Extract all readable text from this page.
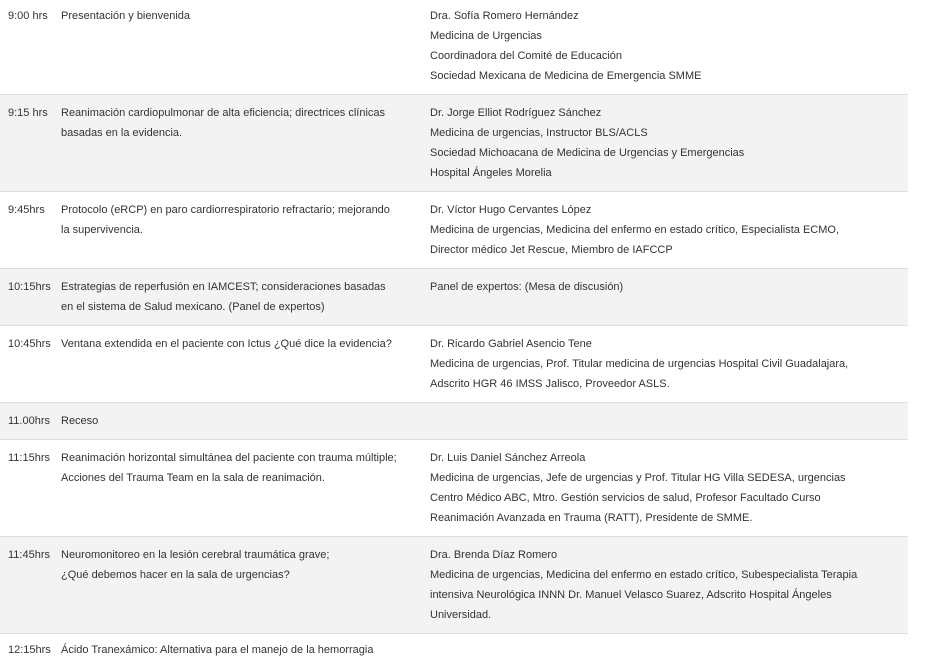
9:00 hrs	Presentación y bienvenida	Dra. Sofía Romero Hernández
Medicina de Urgencias
Coordinadora del Comité de Educación
Sociedad Mexicana de Medicina de Emergencia SMME

9:15 hrs	Reanimación cardiopulmonar de alta eficiencia; directrices clínicas
basadas en la evidencia.	Dr. Jorge Elliot Rodríguez Sánchez
Medicina de urgencias, Instructor BLS/ACLS
Sociedad Michoacana de Medicina de Urgencias y Emergencias
Hospital Ángeles Morelia

9:45hrs	Protocolo (eRCP) en paro cardiorrespiratorio refractario; mejorando
la supervivencia.	Dr. Víctor Hugo Cervantes López
Medicina de urgencias, Medicina del enfermo en estado crítico, Especialista ECMO,
Director médico Jet Rescue, Miembro de IAFCCP

10:15hrs	Estrategias de reperfusión en IAMCEST; consideraciones basadas
en el sistema de Salud mexicano. (Panel de expertos)	Panel de expertos: (Mesa de discusión)

10:45hrs	Ventana extendida en el paciente con Ictus ¿Qué dice la evidencia?	Dr. Ricardo Gabriel Asencio Tene
Medicina de urgencias, Prof. Titular medicina de urgencias Hospital Civil Guadalajara,
Adscrito HGR 46 IMSS Jalisco, Proveedor ASLS.

11.00hrs	Receso	

11:15hrs	Reanimación horizontal simultánea del paciente con trauma múltiple;
Acciones del Trauma Team en la sala de reanimación.	Dr. Luis Daniel Sánchez Arreola
Medicina de urgencias, Jefe de urgencias y Prof. Titular HG Villa SEDESA, urgencias
Centro Médico ABC, Mtro. Gestión servicios de salud, Profesor Facultado Curso
Reanimación Avanzada en Trauma (RATT), Presidente de SMME.

11:45hrs	Neuromonitoreo en la lesión cerebral traumática grave;
¿Qué debemos hacer en la sala de urgencias?	Dra. Brenda Díaz Romero
Medicina de urgencias, Medicina del enfermo en estado crítico, Subespecialista Terapia
intensiva Neurológica INNN Dr. Manuel Velasco Suarez, Adscrito Hospital Ángeles
Universidad.

12:15hrs	Ácido Tranexámico: Alternativa para el manejo de la hemorragia	
